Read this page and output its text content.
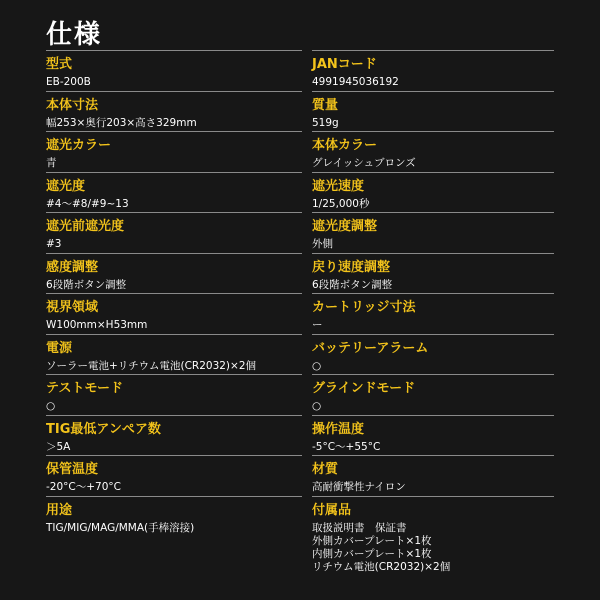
仕様
型式
EB-200B
本体寸法
幅253×奥行203×高さ329mm
遮光カラー
青
遮光度
#4〜#8/#9~13
遮光前遮光度
#3
感度調整
6段階ボタン調整
視界領域
W100mm×H53mm
電源
ソーラー電池+リチウム電池(CR2032)×2個
テストモード
○
TIG最低アンペア数
＞5A
保管温度
-20°C〜+70°C
用途
TIG/MIG/MAG/MMA(手棒溶接)
JANコード
4991945036192
質量
519g
本体カラー
グレイッシュブロンズ
遮光速度
1/25,000秒
遮光度調整
外側
戻り速度調整
6段階ボタン調整
カートリッジ寸法
ー
バッテリーアラーム
○
グラインドモード
○
操作温度
-5°C〜+55°C
材質
高耐衝撃性ナイロン
付属品
取扱説明書　保証書
外側カバープレート×1枚
内側カバープレート×1枚
リチウム電池(CR2032)×2個
